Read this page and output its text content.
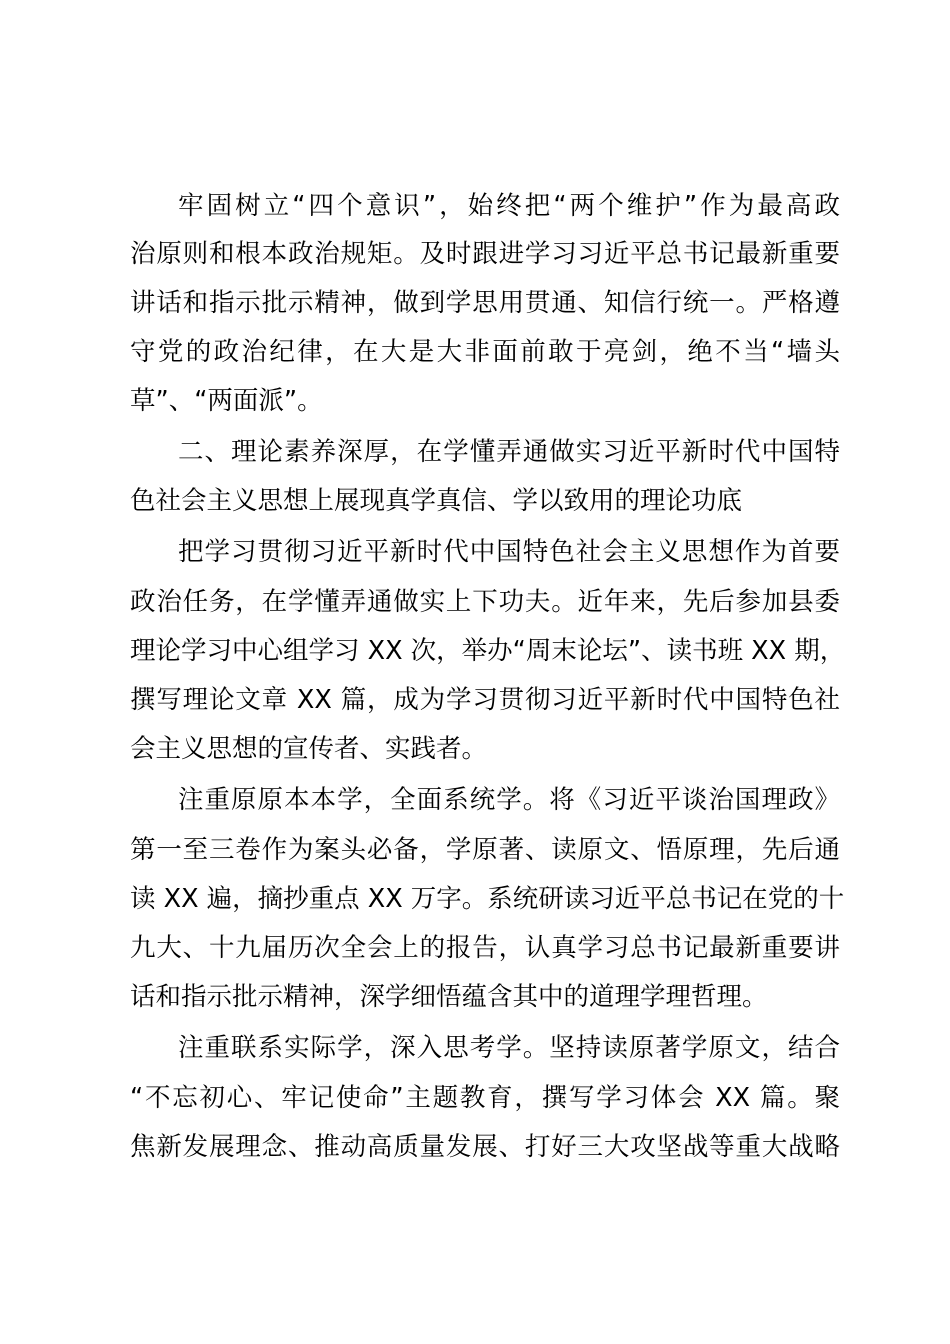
牢固树立“四个意识”，始终把“两个维护”作为最高政
治原则和根本政治规矩。及时跟进学习习近平总书记最新重要
讲话和指示批示精神，做到学思用贯通、知信行统一。严格遵
守党的政治纪律，在大是大非面前敢于亮剑，绝不当“墙头
草”、“两面派”。
二、理论素养深厚，在学懂弄通做实习近平新时代中国特
色社会主义思想上展现真学真信、学以致用的理论功底
把学习贯彻习近平新时代中国特色社会主义思想作为首要
政治任务，在学懂弄通做实上下功夫。近年来，先后参加县委
理论学习中心组学习 XX 次，举办“周末论坛”、读书班 XX 期，
撰写理论文章 XX 篇，成为学习贯彻习近平新时代中国特色社
会主义思想的宣传者、实践者。
注重原原本本学，全面系统学。将《习近平谈治国理政》
第一至三卷作为案头必备，学原著、读原文、悟原理，先后通
读 XX 遍，摘抄重点 XX 万字。系统研读习近平总书记在党的十
九大、十九届历次全会上的报告，认真学习总书记最新重要讲
话和指示批示精神，深学细悟蕴含其中的道理学理哲理。
注重联系实际学，深入思考学。坚持读原著学原文，结合
“不忘初心、牢记使命”主题教育，撰写学习体会 XX 篇。聚
焦新发展理念、推动高质量发展、打好三大攻坚战等重大战略
